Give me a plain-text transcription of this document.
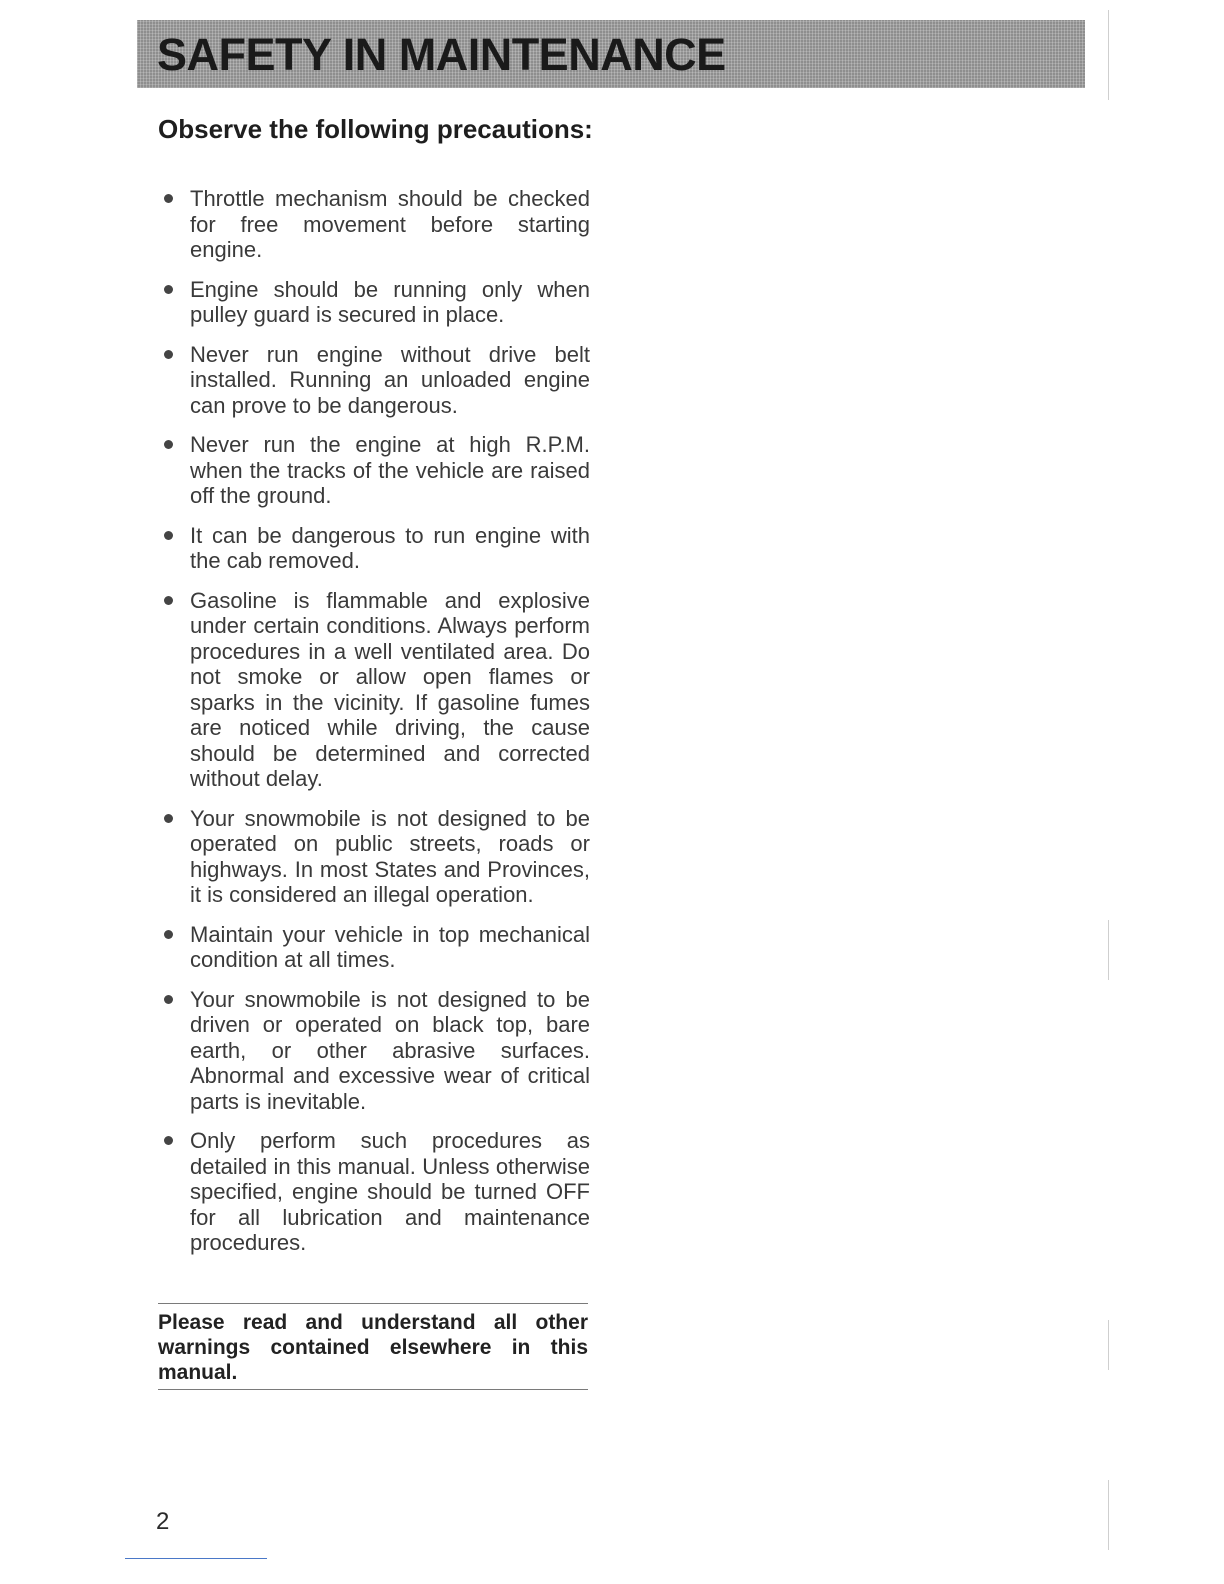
SAFETY IN MAINTENANCE
Observe the following precautions:
Throttle mechanism should be checked for free movement before starting engine.
Engine should be running only when pulley guard is secured in place.
Never run engine without drive belt installed. Running an unloaded engine can prove to be dangerous.
Never run the engine at high R.P.M. when the tracks of the vehicle are raised off the ground.
It can be dangerous to run engine with the cab removed.
Gasoline is flammable and explosive under certain conditions. Always perform procedures in a well ventilated area. Do not smoke or allow open flames or sparks in the vicinity. If gasoline fumes are noticed while driving, the cause should be determined and corrected without delay.
Your snowmobile is not designed to be operated on public streets, roads or highways. In most States and Provinces, it is considered an illegal operation.
Maintain your vehicle in top mechanical condition at all times.
Your snowmobile is not designed to be driven or operated on black top, bare earth, or other abrasive surfaces. Abnormal and excessive wear of critical parts is inevitable.
Only perform such procedures as detailed in this manual. Unless otherwise specified, engine should be turned OFF for all lubrication and maintenance procedures.
Please read and understand all other warnings contained elsewhere in this manual.
2
